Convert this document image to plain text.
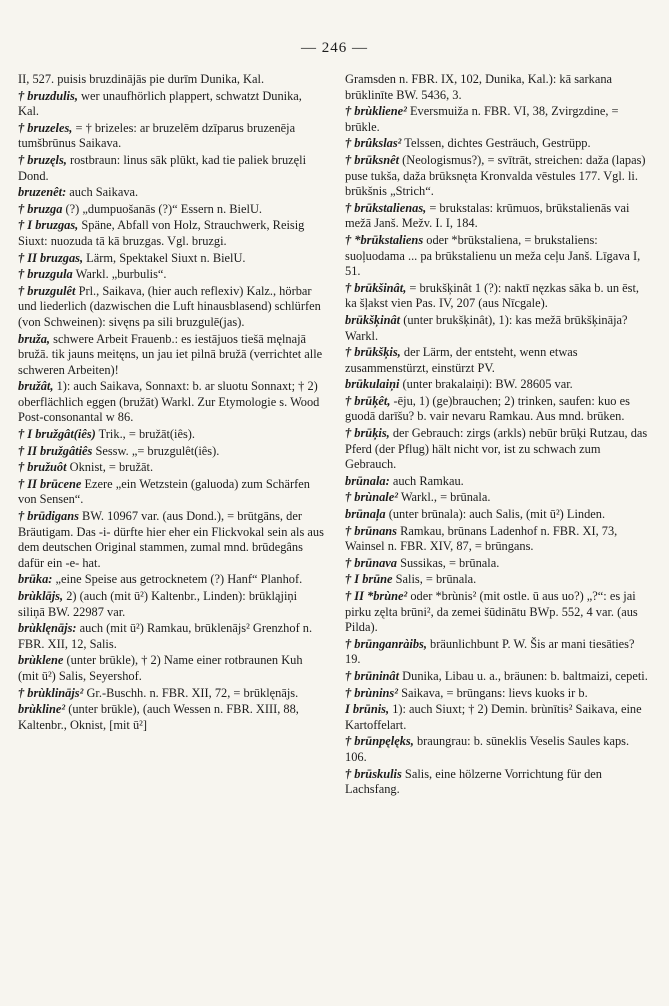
— 246 —

II, 527. puisis bruzdinājās pie durīm Dunika, Kal.

† bruzdulis, wer unaufhörlich plappert, schwatzt Dunika, Kal.

† bruzeles, = † brizeles: ar bruzelēm dzīparus bruzenēja tumšbrūnus Saikava.

† bruzęls, rostbraun: linus sāk plūkt, kad tie paliek bruzęli Dond.

bruzenêt: auch Saikava.

† bruzga (?) „dumpuošanās (?)“ Essern n. BielU.

† I bruzgas, Späne, Abfall von Holz, Strauchwerk, Reisig Siuxt: nuozuda tā kā bruzgas. Vgl. bruzgi.

† II bruzgas, Lärm, Spektakel Siuxt n. BielU.

† bruzgula Warkl. „burbulis“.

† bruzgulêt Prl., Saikava, (hier auch reflexiv) Kalz., hörbar und liederlich (dazwischen die Luft hinausblasend) schlürfen (von Schweinen): sivęns pa sili bruzgulē(jas).

bruža, schwere Arbeit Frauenb.: es iestājuos tiešā męlnajā bružā. tik jauns meitęns, un jau iet pilnā bružā (verrichtet alle schweren Arbeiten)!

bružât, 1): auch Saikava, Sonnaxt: b. ar sluotu Sonnaxt; † 2) oberflächlich eggen (bružāt) Warkl. Zur Etymologie s. Wood Post-consonantal w 86.

† I bružgât(iês) Trik., = bružāt(iês).

† II bružgâtiês Sessw. „= bruzgulêt(iês).

† bružuôt Oknist, = bružāt.

† II brūcene Ezere „ein Wetzstein (galuoda) zum Schärfen von Sensen“.

† brūdigans BW. 10967 var. (aus Dond.), = brūtgāns, der Bräutigam. Das -i- dürfte hier eher ein Flickvokal sein als aus dem deutschen Original stammen, zumal mnd. brūdegâns dafür ein -e- hat.

brūka: „eine Speise aus getrocknetem (?) Hanf“ Planhof.

brùklājs, 2) (auch (mit ū²) Kaltenbr., Linden): brūkląjiņi siliņā BW. 22987 var.

brùklęnājs: auch (mit ū²) Ramkau, brūklenājs² Grenzhof n. FBR. XII, 12, Salis.

brùklene (unter brūkle), † 2) Name einer rotbraunen Kuh (mit ū²) Salis, Seyershof.

† brùklinājs² Gr.-Buschh. n. FBR. XII, 72, = brūklęnājs.

brùkline² (unter brūkle), (auch Wessen n. FBR. XIII, 88, Kaltenbr., Oknist, [mit ū²]

Gramsden n. FBR. IX, 102, Dunika, Kal.): kā sarkana brūklinīte BW. 5436, 3.

† brùkliene² Eversmuiža n. FBR. VI, 38, Zvirgzdine, = brūkle.

† brûkslas² Telssen, dichtes Gesträuch, Gestrüpp.

† brūksnêt (Neologismus?), = svītrāt, streichen: daža (lapas) puse tukša, daža brūksnęta Kronvalda vēstules 177. Vgl. li. brūkšnis „Strich“.

† brūkstalienas, = brukstalas: krūmuos, brūkstalienās vai mežā Janš. Mežv. I. I, 184.

† *brūkstaliens oder *brūkstaliena, = brukstaliens: suoļuodama ... pa brūkstalienu un meža ceļu Janš. Līgava I, 51.

† brūkšinât, = brukšķinât 1 (?): naktī nęzkas sāka b. un ēst, ka šļakst vien Pas. IV, 207 (aus Nīcgale).

brūkšķinât (unter brukšķinât), 1): kas mežā brūkšķināja? Warkl.

† brūkšķis, der Lärm, der entsteht, wenn etwas zusammenstürzt, einstürzt PV.

brūkulaiņi (unter brakalaiņi): BW. 28605 var.

† brūķêt, -ēju, 1) (ge)brauchen; 2) trinken, saufen: kuo es guodā darīšu? b. vair nevaru Ramkau. Aus mnd. brūken.

† brūķis, der Gebrauch: zirgs (arkls) nebūr brūķi Rutzau, das Pferd (der Pflug) hält nicht vor, ist zu schwach zum Gebrauch.

brūnala: auch Ramkau.

† brùnale² Warkl., = brūnala.

brūnaļa (unter brūnala): auch Salis, (mit ū²) Linden.

† brūnans Ramkau, brūnans Ladenhof n. FBR. XI, 73, Wainsel n. FBR. XIV, 87, = brūngans.

† brūnava Sussikas, = brūnala.

† I brūne Salis, = brūnala.

† II *brùne² oder *brùnis² (mit ostle. ū aus uo?) „?“: es jai pirku zęlta brūni², da zemei šūdinātu BWp. 552, 4 var. (aus Pilda).

† brūnganràibs, bräunlichbunt P. W. Šis ar mani tiesāties? 19.

† brūninât Dunika, Libau u. a., bräunen: b. baltmaizi, cepeti.

† brùnins² Saikava, = brūngans: lievs kuoks ir b.

I brūnis, 1): auch Siuxt; † 2) Demin. brùnītis² Saikava, eine Kartoffelart.

† brūnpęlęks, braungrau: b. sūneklis Veselis Saules kaps. 106.

† brūskulis Salis, eine hölzerne Vorrichtung für den Lachsfang.
